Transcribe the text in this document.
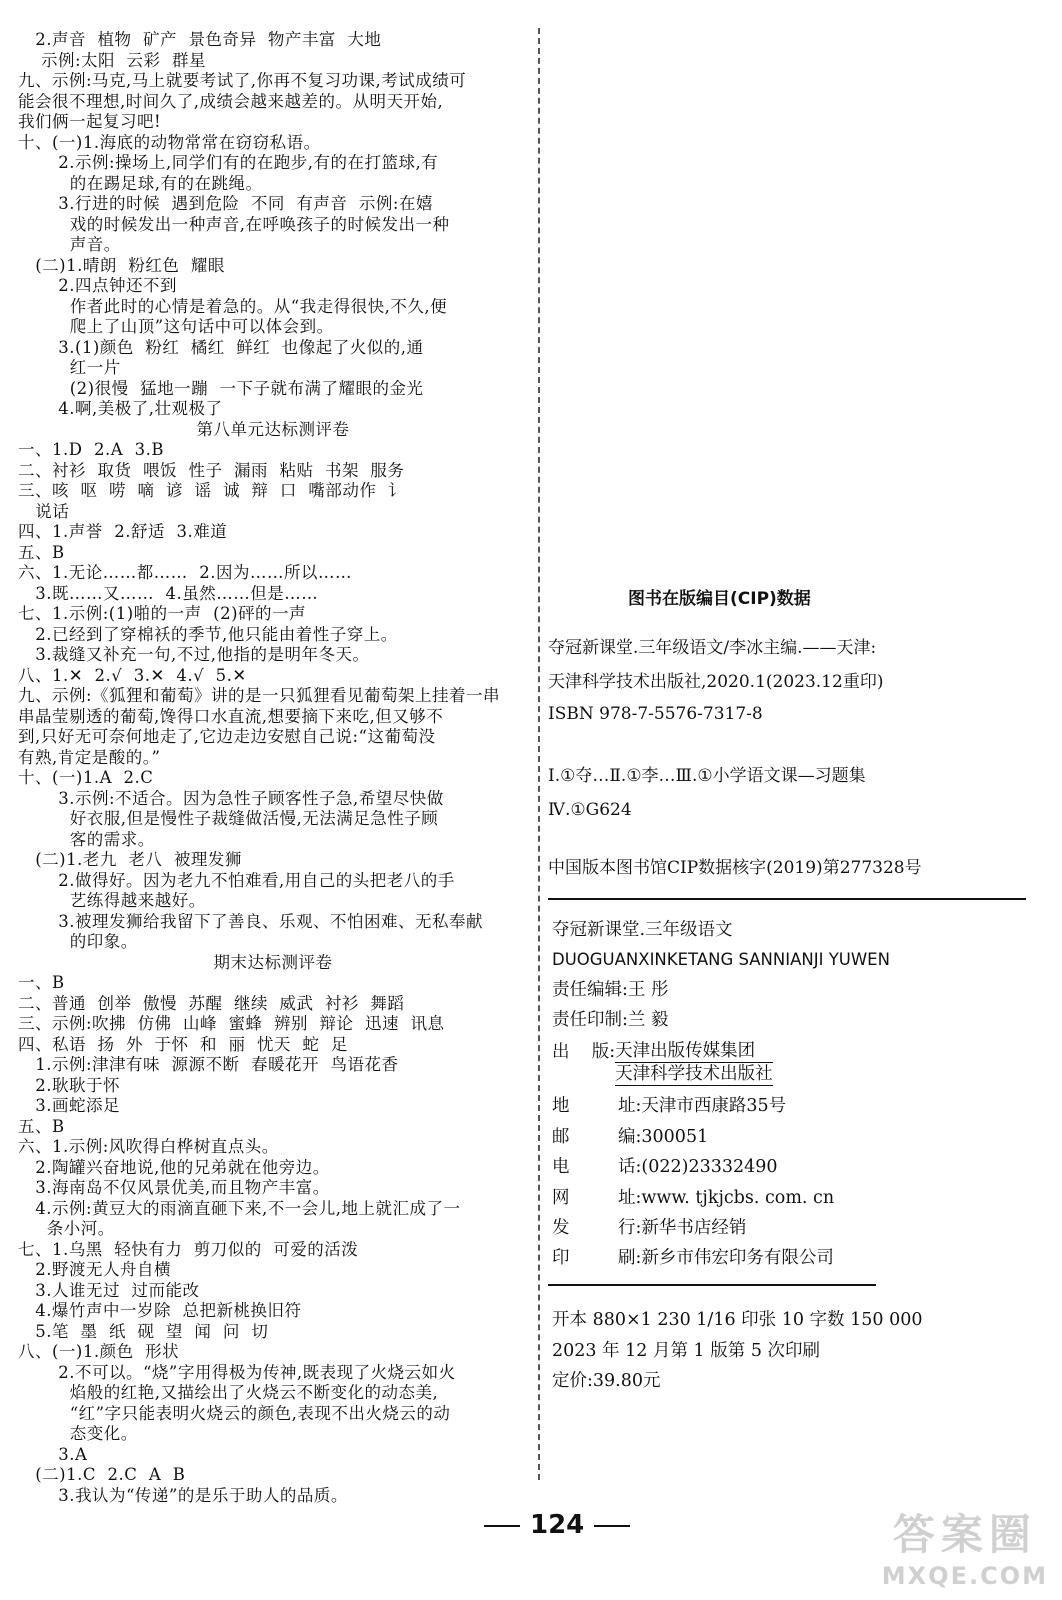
2.声音  植物  矿产  景色奇异  物产丰富  大地
示例:太阳  云彩  群星
九、示例:马克,马上就要考试了,你再不复习功课,考试成绩可
能会很不理想,时间久了,成绩会越来越差的。从明天开始,
我们俩一起复习吧!
十、(一)1.海底的动物常常在窃窃私语。
2.示例:操场上,同学们有的在跑步,有的在打篮球,有
的在踢足球,有的在跳绳。
3.行进的时候  遇到危险  不同  有声音  示例:在嬉
戏的时候发出一种声音,在呼唤孩子的时候发出一种
声音。
(二)1.晴朗  粉红色  耀眼
2.四点钟还不到
作者此时的心情是着急的。从“我走得很快,不久,便
爬上了山顶”这句话中可以体会到。
3.(1)颜色  粉红  橘红  鲜红  也像起了火似的,通
红一片
(2)很慢  猛地一蹦  一下子就布满了耀眼的金光
4.啊,美极了,壮观极了
第八单元达标测评卷
一、1.D  2.A  3.B
二、衬衫  取货  喂饭  性子  漏雨  粘贴  书架  服务
三、咳  呕  唠  嘀  谚  谣  诚  辩  口  嘴部动作  讠
说话
四、1.声誉  2.舒适  3.难道
五、B
六、1.无论……都……  2.因为……所以……
3.既……又……  4.虽然……但是……
七、1.示例:(1)啪的一声  (2)砰的一声
2.已经到了穿棉袄的季节,他只能由着性子穿上。
3.裁缝又补充一句,不过,他指的是明年冬天。
八、1.✕  2.√  3.✕  4.√  5.✕
九、示例:《狐狸和葡萄》讲的是一只狐狸看见葡萄架上挂着一串
串晶莹剔透的葡萄,馋得口水直流,想要摘下来吃,但又够不
到,只好无可奈何地走了,它边走边安慰自己说:“这葡萄没
有熟,肯定是酸的。”
十、(一)1.A  2.C
3.示例:不适合。因为急性子顾客性子急,希望尽快做
好衣服,但是慢性子裁缝做活慢,无法满足急性子顾
客的需求。
(二)1.老九  老八  被理发狮
2.做得好。因为老九不怕难看,用自己的头把老八的手
艺练得越来越好。
3.被理发狮给我留下了善良、乐观、不怕困难、无私奉献
的印象。
期末达标测评卷
一、B
二、普通  创举  傲慢  苏醒  继续  威武  衬衫  舞蹈
三、示例:吹拂  仿佛  山峰  蜜蜂  辨别  辩论  迅速  讯息
四、私语  扬  外  于怀  和  丽  忧天  蛇  足
1.示例:津津有味  源源不断  春暖花开  鸟语花香
2.耿耿于怀
3.画蛇添足
五、B
六、1.示例:风吹得白桦树直点头。
2.陶罐兴奋地说,他的兄弟就在他旁边。
3.海南岛不仅风景优美,而且物产丰富。
4.示例:黄豆大的雨滴直砸下来,不一会儿,地上就汇成了一
条小河。
七、1.乌黑  轻快有力  剪刀似的  可爱的活泼
2.野渡无人舟自横
3.人谁无过  过而能改
4.爆竹声中一岁除  总把新桃换旧符
5.笔  墨  纸  砚  望  闻  问  切
八、(一)1.颜色  形状
2.不可以。“烧”字用得极为传神,既表现了火烧云如火
焰般的红艳,又描绘出了火烧云不断变化的动态美,
“红”字只能表明火烧云的颜色,表现不出火烧云的动
态变化。
3.A
(二)1.C  2.C  A  B
3.我认为“传递”的是乐于助人的品质。
图书在版编目(CIP)数据
夺冠新课堂.三年级语文/李冰主编.——天津:
天津科学技术出版社,2020.1(2023.12重印)
ISBN 978-7-5576-7317-8
Ⅰ.①夺…Ⅱ.①李…Ⅲ.①小学语文课—习题集
Ⅳ.①G624
中国版本图书馆CIP数据核字(2019)第277328号
夺冠新课堂.三年级语文
DUOGUANXINKETANG SANNIANJI YUWEN
责任编辑:王 彤
责任印制:兰 毅
出    版: 天津出版传媒集团
天津科学技术出版社
地	址:天津市西康路35号
邮	编:300051
电	话:(022)23332490
网	址:www. tjkjcbs. com. cn
发	行:新华书店经销
印	刷:新乡市伟宏印务有限公司
开本 880×1 230 1/16 印张 10 字数 150 000
2023 年 12 月第 1 版第 5 次印刷
定价:39.80元
124	答案圈
MXQE.COM
